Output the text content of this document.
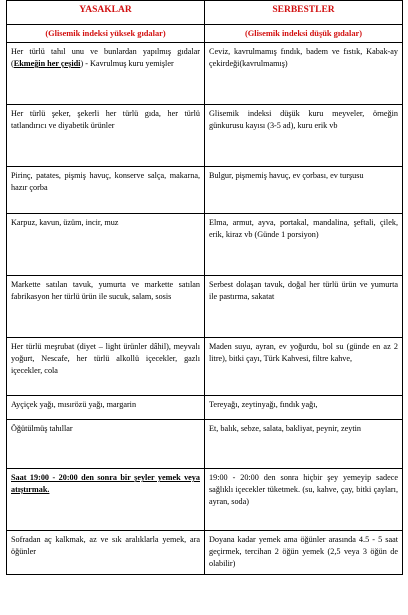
YASAKLAR	SERBESTLER
(Glisemik indeksi yüksek gıdalar)	(Glisemik indeksi düşük gıdalar)
Her türlü tahıl unu ve bunlardan yapılmış gıdalar (Ekmeğin her çeşidi) - Kavrulmuş kuru yemişler	Ceviz, kavrulmamış fındık, badem ve fıstık, Kabak-ay çekirdeği(kavrulmamış)
Her türlü şeker, şekerli her türlü gıda, her türlü tatlandırıcı ve diyabetik ürünler	Glisemik indeksi düşük kuru meyveler, örneğin günkurusu kayısı (3-5 ad), kuru erik vb
Pirinç, patates, pişmiş havuç, konserve salça, makarna, hazır çorba	Bulgur, pişmemiş havuç, ev çorbası, ev turşusu
Karpuz, kavun, üzüm, incir, muz	Elma, armut, ayva, portakal, mandalina, şeftali, çilek, erik, kiraz vb (Günde 1 porsiyon)
Markette satılan tavuk, yumurta ve markette satılan fabrikasyon her türlü ürün ile sucuk, salam, sosis	Serbest dolaşan tavuk, doğal her türlü ürün ve yumurta ile pastırma, sakatat
Her türlü meşrubat (diyet – light ürünler dâhil), meyvalı yoğurt, Nescafe, her türlü alkollü içecekler, gazlı içecekler, cola	Maden suyu, ayran, ev yoğurdu, bol su (günde en az 2 litre), bitki çayı, Türk Kahvesi, filtre kahve,
Ayçiçek yağı, mısırözü yağı, margarin	Tereyağı, zeytinyağı, fındık yağı,
Öğütülmüş tahıllar	Et, balık, sebze, salata, bakliyat, peynir, zeytin
Saat 19:00 - 20:00 den sonra bir şeyler yemek veya atıştırmak.	19:00 - 20:00 den sonra hiçbir şey yemeyip sadece sağlıklı içecekler tüketmek. (su, kahve, çay, bitki çayları, ayran, soda)
Sofradan aç kalkmak, az ve sık aralıklarla yemek, ara öğünler	Doyana kadar yemek ama öğünler arasında 4.5 - 5 saat geçirmek, tercihan 2 öğün yemek (2,5 veya 3 öğün de olabilir)
